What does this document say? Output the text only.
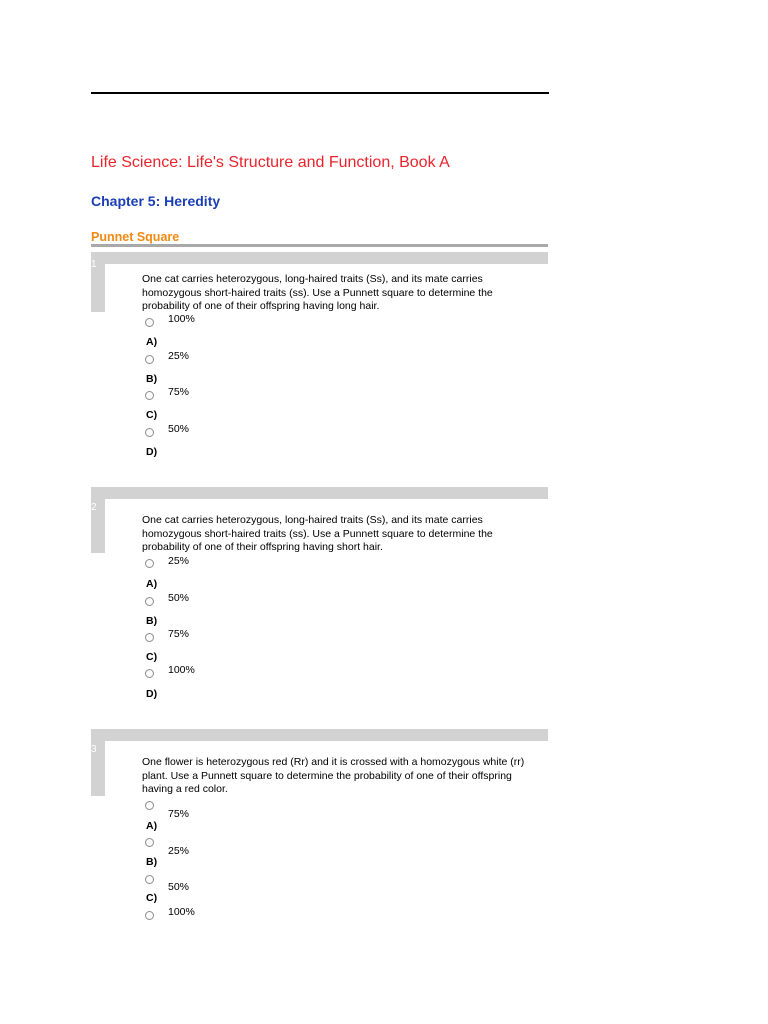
Life Science: Life's Structure and Function, Book A
Chapter 5: Heredity
Punnet Square
1
One cat carries heterozygous, long-haired traits (Ss), and its mate carries homozygous short-haired traits (ss). Use a Punnett square to determine the probability of one of their offspring having long hair.
100%
A)
25%
B)
75%
C)
50%
D)
2
One cat carries heterozygous, long-haired traits (Ss), and its mate carries homozygous short-haired traits (ss). Use a Punnett square to determine the probability of one of their offspring having short hair.
25%
A)
50%
B)
75%
C)
100%
D)
3
One flower is heterozygous red (Rr) and it is crossed with a homozygous white (rr) plant. Use a Punnett square to determine the probability of one of their offspring having a red color.
75%
A)
25%
B)
50%
C)
100%
